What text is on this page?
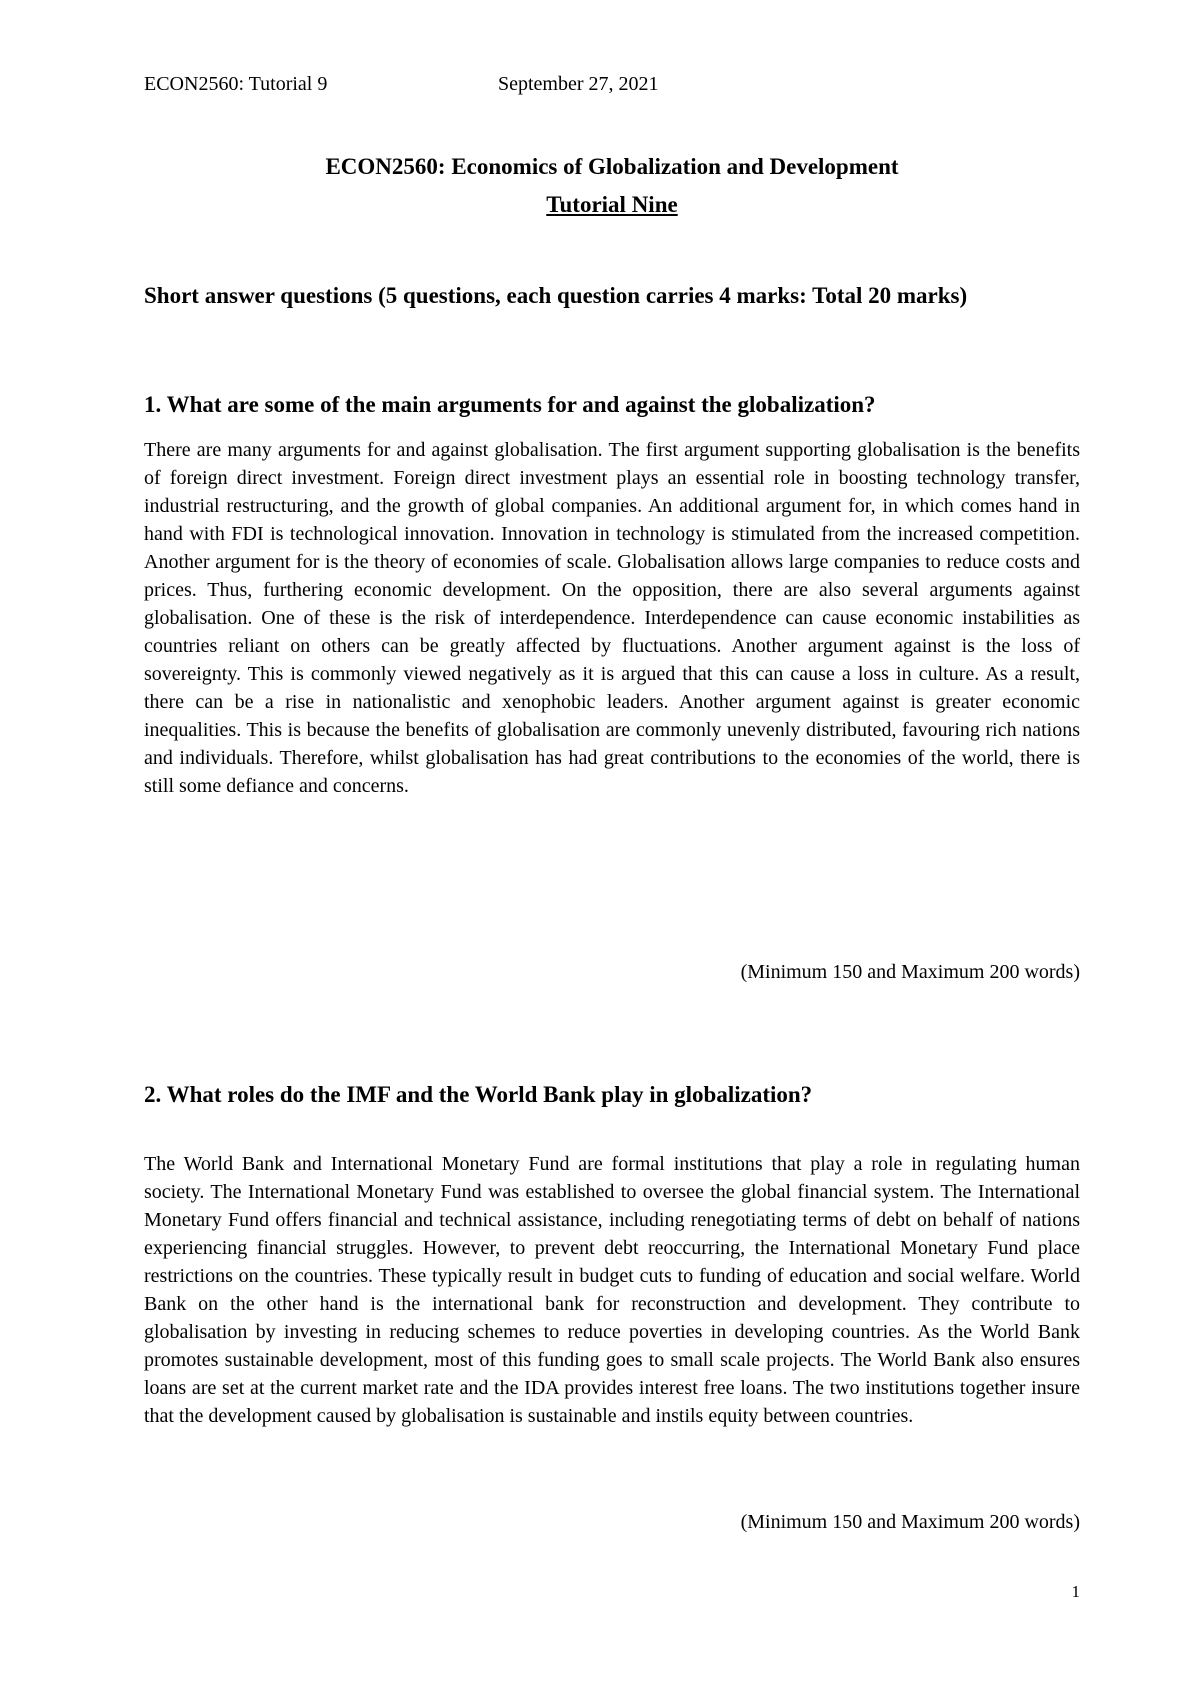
ECON2560: Tutorial 9	September 27, 2021
ECON2560: Economics of Globalization and Development
Tutorial Nine
Short answer questions (5 questions, each question carries 4 marks: Total 20 marks)
1. What are some of the main arguments for and against the globalization?
There are many arguments for and against globalisation. The first argument supporting globalisation is the benefits of foreign direct investment. Foreign direct investment plays an essential role in boosting technology transfer, industrial restructuring, and the growth of global companies. An additional argument for, in which comes hand in hand with FDI is technological innovation. Innovation in technology is stimulated from the increased competition. Another argument for is the theory of economies of scale. Globalisation allows large companies to reduce costs and prices. Thus, furthering economic development. On the opposition, there are also several arguments against globalisation. One of these is the risk of interdependence. Interdependence can cause economic instabilities as countries reliant on others can be greatly affected by fluctuations. Another argument against is the loss of sovereignty. This is commonly viewed negatively as it is argued that this can cause a loss in culture. As a result, there can be a rise in nationalistic and xenophobic leaders. Another argument against is greater economic inequalities. This is because the benefits of globalisation are commonly unevenly distributed, favouring rich nations and individuals. Therefore, whilst globalisation has had great contributions to the economies of the world, there is still some defiance and concerns.
(Minimum 150 and Maximum 200 words)
2. What roles do the IMF and the World Bank play in globalization?
The World Bank and International Monetary Fund are formal institutions that play a role in regulating human society. The International Monetary Fund was established to oversee the global financial system. The International Monetary Fund offers financial and technical assistance, including renegotiating terms of debt on behalf of nations experiencing financial struggles. However, to prevent debt reoccurring, the International Monetary Fund place restrictions on the countries. These typically result in budget cuts to funding of education and social welfare. World Bank on the other hand is the international bank for reconstruction and development. They contribute to globalisation by investing in reducing schemes to reduce poverties in developing countries. As the World Bank promotes sustainable development, most of this funding goes to small scale projects. The World Bank also ensures loans are set at the current market rate and the IDA provides interest free loans. The two institutions together insure that the development caused by globalisation is sustainable and instils equity between countries.
(Minimum 150 and Maximum 200 words)
1
